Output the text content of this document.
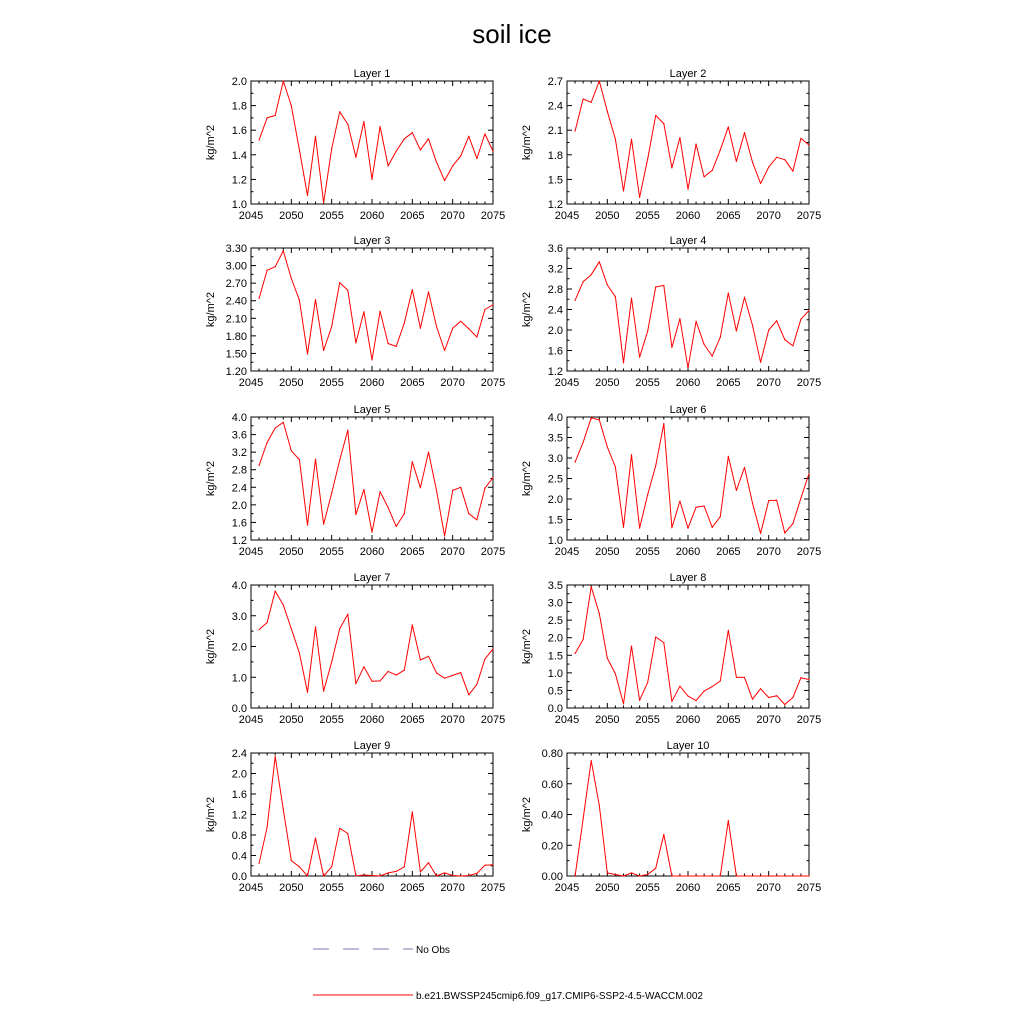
soil ice
Layer 1
2045 2050 2055 2060 2065 2070 2075
1.0
1.2
1.4
1.6
1.8
2.0
kg/m^2
Layer 2
2045 2050 2055 2060 2065 2070 2075
1.2
1.5
1.8
2.1
2.4
2.7
kg/m^2
Layer 3
2045 2050 2055 2060 2065 2070 2075
1.20
1.50
1.80
2.10
2.40
2.70
3.00
3.30
kg/m^2
Layer 4
2045 2050 2055 2060 2065 2070 2075
1.2
1.6
2.0
2.4
2.8
3.2
3.6
kg/m^2
Layer 5
2045 2050 2055 2060 2065 2070 2075
1.2
1.6
2.0
2.4
2.8
3.2
3.6
4.0
kg/m^2
Layer 6
2045 2050 2055 2060 2065 2070 2075
1.0
1.5
2.0
2.5
3.0
3.5
4.0
kg/m^2
Layer 7
2045 2050 2055 2060 2065 2070 2075
0.0
1.0
2.0
3.0
4.0
kg/m^2
Layer 8
2045 2050 2055 2060 2065 2070 2075
0.0
0.5
1.0
1.5
2.0
2.5
3.0
3.5
kg/m^2
Layer 9
2045 2050 2055 2060 2065 2070 2075
0.0
0.4
0.8
1.2
1.6
2.0
2.4
kg/m^2
Layer 10
2045 2050 2055 2060 2065 2070 2075
0.00
0.20
0.40
0.60
0.80
kg/m^2
No Obs
b.e21.BWSSP245cmip6.f09_g17.CMIP6-SSP2-4.5-WACCM.002
